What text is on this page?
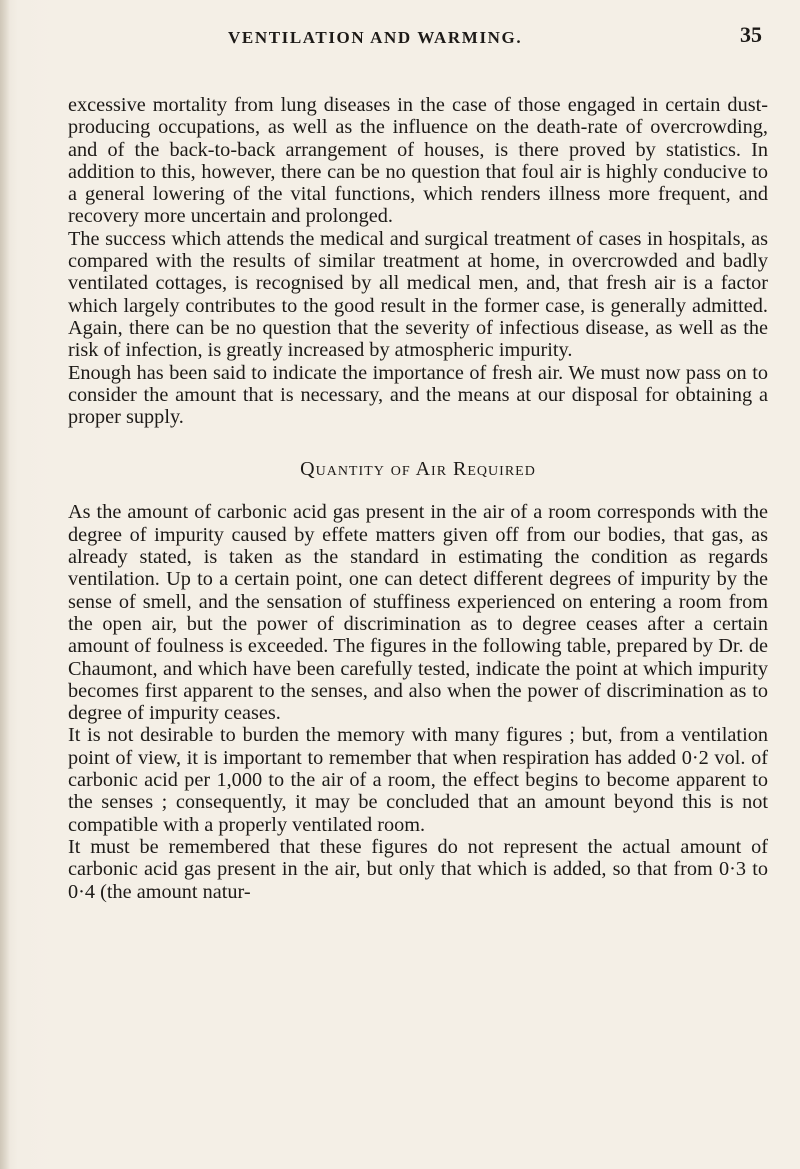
VENTILATION AND WARMING.	35

excessive mortality from lung diseases in the case of those engaged in certain dust-producing occupations, as well as the influence on the death-rate of overcrowding, and of the back-to-back arrangement of houses, is there proved by statistics. In addition to this, however, there can be no question that foul air is highly conducive to a general lowering of the vital functions, which renders illness more frequent, and recovery more uncertain and prolonged.

The success which attends the medical and surgical treatment of cases in hospitals, as compared with the results of similar treatment at home, in overcrowded and badly ventilated cottages, is recognised by all medical men, and, that fresh air is a factor which largely contributes to the good result in the former case, is generally admitted. Again, there can be no question that the severity of infectious disease, as well as the risk of infection, is greatly increased by atmospheric impurity.

Enough has been said to indicate the importance of fresh air. We must now pass on to consider the amount that is necessary, and the means at our disposal for obtaining a proper supply.

Quantity of Air Required

As the amount of carbonic acid gas present in the air of a room corresponds with the degree of impurity caused by effete matters given off from our bodies, that gas, as already stated, is taken as the standard in estimating the condition as regards ventilation. Up to a certain point, one can detect different degrees of impurity by the sense of smell, and the sensation of stuffiness experienced on entering a room from the open air, but the power of discrimination as to degree ceases after a certain amount of foulness is exceeded. The figures in the following table, prepared by Dr. de Chaumont, and which have been carefully tested, indicate the point at which impurity becomes first apparent to the senses, and also when the power of discrimination as to degree of impurity ceases.

It is not desirable to burden the memory with many figures ; but, from a ventilation point of view, it is important to remember that when respiration has added 0·2 vol. of carbonic acid per 1,000 to the air of a room, the effect begins to become apparent to the senses ; consequently, it may be concluded that an amount beyond this is not compatible with a properly ventilated room.

It must be remembered that these figures do not represent the actual amount of carbonic acid gas present in the air, but only that which is added, so that from 0·3 to 0·4 (the amount natur-
